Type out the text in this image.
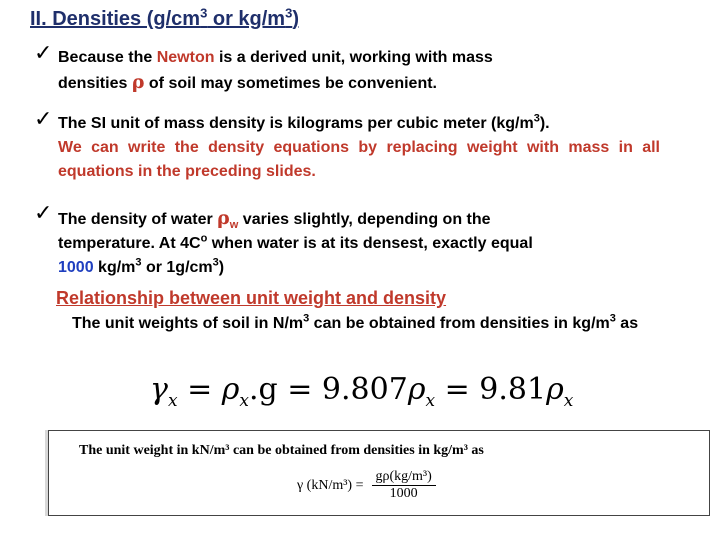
II. Densities ($g/cm^3$ or $kg/m^3$)
✓ Because the Newton is a derived unit, working with mass
densities ρ of soil may sometimes be convenient.
✓ The SI unit of mass density is kilograms per cubic meter $(kg/m^3)$.
We can write the density equations by replacing weight with mass in all equations in the preceding slides.
✓ The density of water $\rho_w$ varies slightly, depending on the
temperature. At $4C^o$ when water is at its densest, exactly equal
1000 $kg/m^3$ or $1g/cm^3$)
Relationship between unit weight and density
The unit weights of soil in $N/m^3$ can be obtained from densities in $kg/m^3$ as
$\gamma_x = \rho_x.g = 9.807\rho_x = 9.81\rho_x$
The unit weight in kN/m³ can be obtained from densities in kg/m³ as
γ $(kN/m^3) = \frac{\text{gρ(kg/m³)}}{1000}$
